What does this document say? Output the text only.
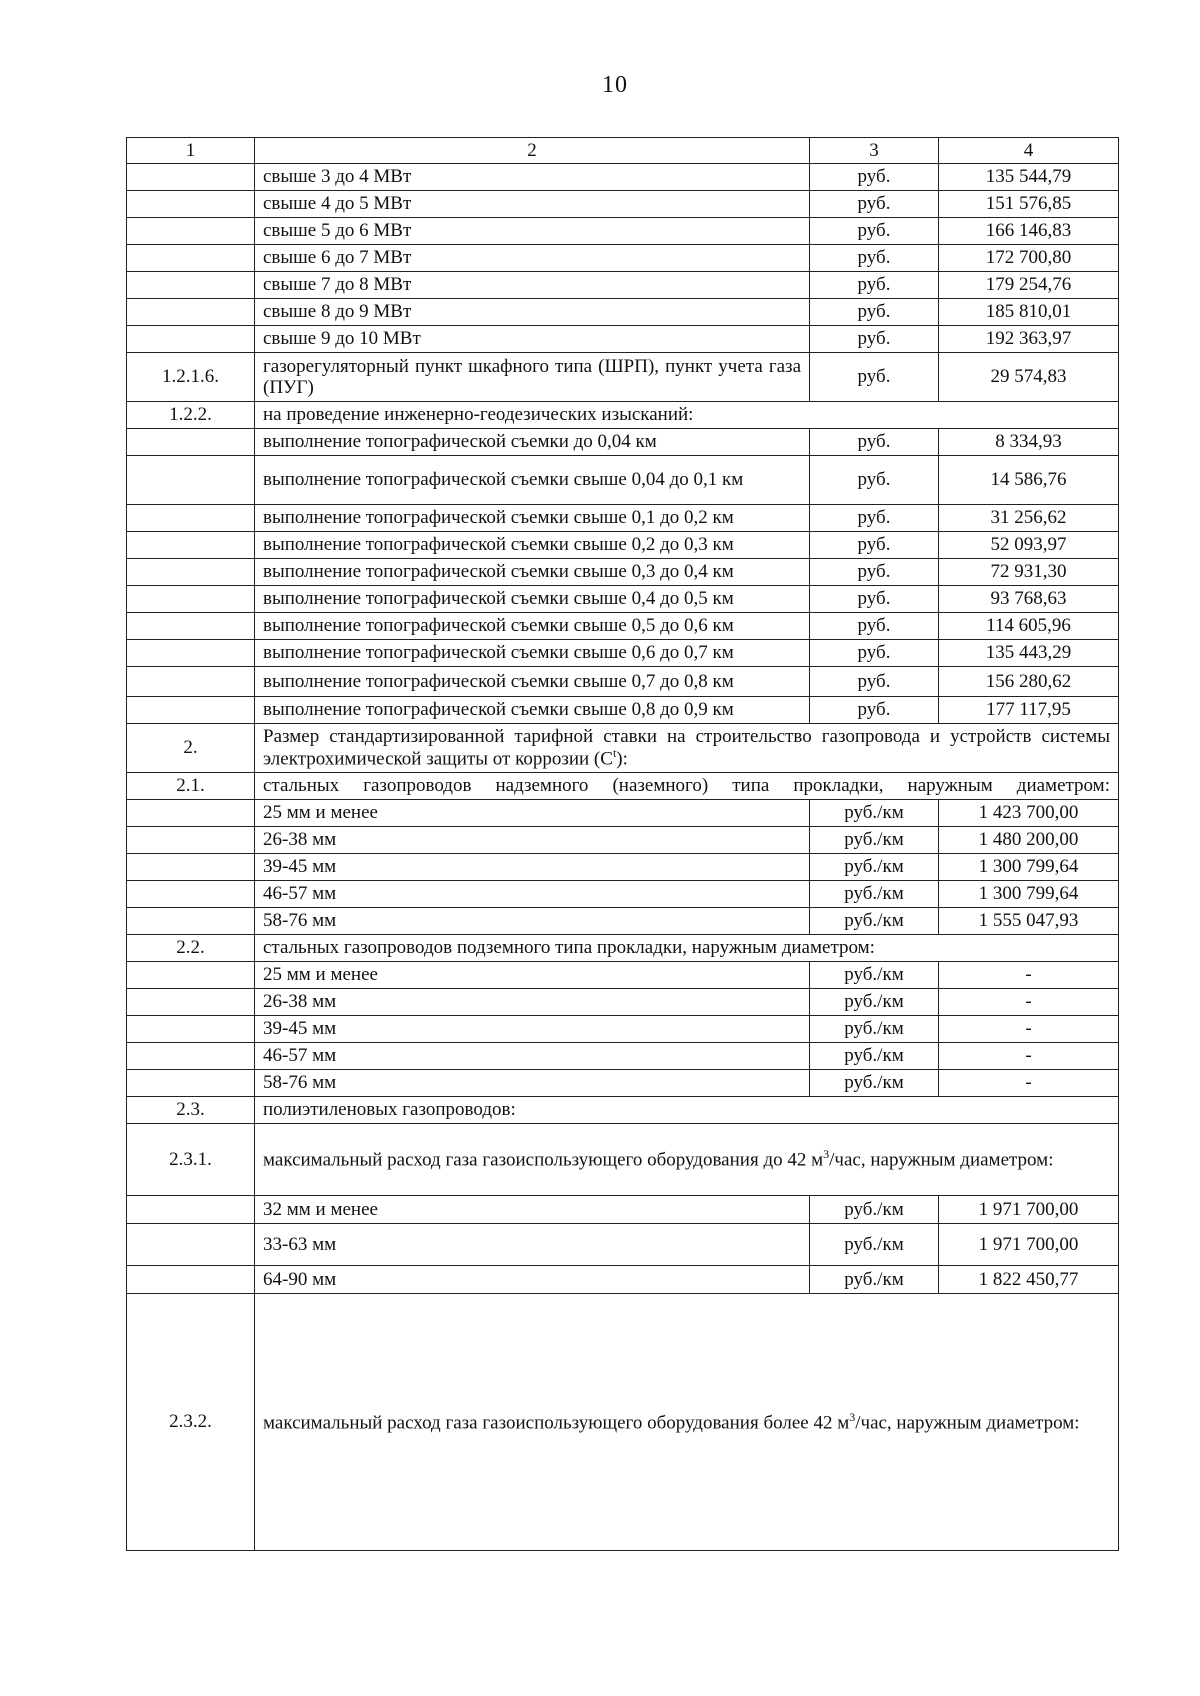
10
1	2	3	4
	свыше 3 до 4 МВт	руб.	135 544,79
	свыше 4 до 5 МВт	руб.	151 576,85
	свыше 5 до 6 МВт	руб.	166 146,83
	свыше 6 до 7 МВт	руб.	172 700,80
	свыше 7 до 8 МВт	руб.	179 254,76
	свыше 8 до 9 МВт	руб.	185 810,01
	свыше 9 до 10 МВт	руб.	192 363,97
1.2.1.6.	газорегуляторный пункт шкафного типа (ШРП), пункт учета газа (ПУГ)	руб.	29 574,83
1.2.2.	на проведение инженерно-геодезических изысканий:		
	выполнение топографической съемки до 0,04 км	руб.	8 334,93
	выполнение топографической съемки свыше 0,04 до 0,1 км	руб.	14 586,76
	выполнение топографической съемки свыше 0,1 до 0,2 км	руб.	31 256,62
	выполнение топографической съемки свыше 0,2 до 0,3 км	руб.	52 093,97
	выполнение топографической съемки свыше 0,3 до 0,4 км	руб.	72 931,30
	выполнение топографической съемки свыше 0,4 до 0,5 км	руб.	93 768,63
	выполнение топографической съемки свыше 0,5 до 0,6 км	руб.	114 605,96
	выполнение топографической съемки свыше 0,6 до 0,7 км	руб.	135 443,29
	выполнение топографической съемки свыше 0,7 до 0,8 км	руб.	156 280,62
	выполнение топографической съемки свыше 0,8 до 0,9 км	руб.	177 117,95
2.	Размер стандартизированной тарифной ставки на строительство газопровода и устройств системы электрохимической защиты от коррозии $(С^t)$:		
2.1.	стальных газопроводов надземного (наземного) типа прокладки, наружным диаметром:		
	25 мм и менее	руб./км	1 423 700,00
	26-38 мм	руб./км	1 480 200,00
	39-45 мм	руб./км	1 300 799,64
	46-57 мм	руб./км	1 300 799,64
	58-76 мм	руб./км	1 555 047,93
2.2.	стальных газопроводов подземного типа прокладки, наружным диаметром:		
	25 мм и менее	руб./км	-
	26-38 мм	руб./км	-
	39-45 мм	руб./км	-
	46-57 мм	руб./км	-
	58-76 мм	руб./км	-
2.3.	полиэтиленовых газопроводов:		
2.3.1.	максимальный расход газа газоиспользующего оборудования до 42 $м^3$/час, наружным диаметром:		
	32 мм и менее	руб./км	1 971 700,00
	33-63 мм	руб./км	1 971 700,00
	64-90 мм	руб./км	1 822 450,77
2.3.2.	максимальный расход газа газоиспользующего оборудования более 42 $м^3$/час, наружным диаметром:		
